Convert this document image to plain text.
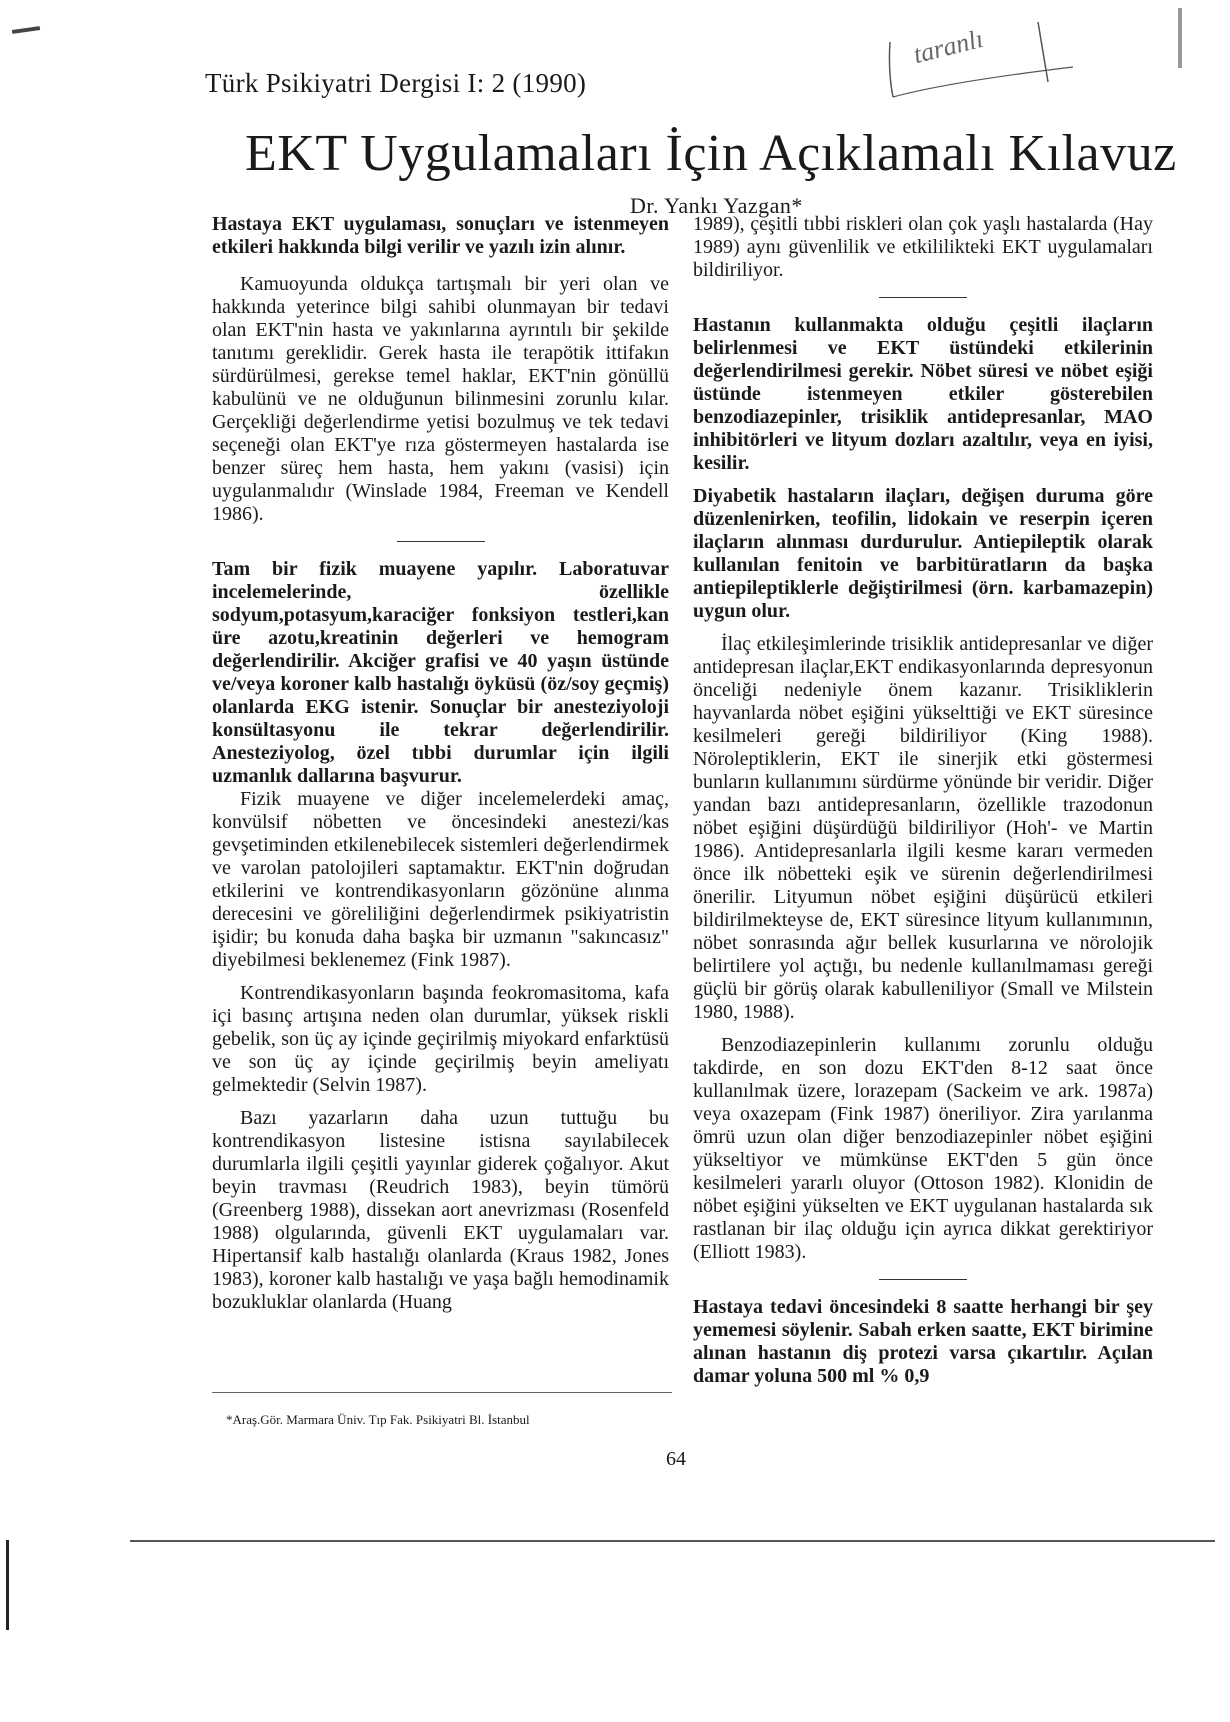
Türk Psikiyatri Dergisi I: 2 (1990)
taranlı
EKT Uygulamaları İçin Açıklamalı Kılavuz
Dr. Yankı Yazgan*

Hastaya EKT uygulaması, sonuçları ve istenmeyen etkileri hakkında bilgi verilir ve yazılı izin alınır.

Kamuoyunda oldukça tartışmalı bir yeri olan ve hakkında yeterince bilgi sahibi olunmayan bir tedavi olan EKT'nin hasta ve yakınlarına ayrıntılı bir şekilde tanıtımı gereklidir. Gerek hasta ile terapötik ittifakın sürdürülmesi, gerekse temel haklar, EKT'nin gönüllü kabulünü ve ne olduğunun bilinmesini zorunlu kılar. Gerçekliği değerlendirme yetisi bozulmuş ve tek tedavi seçeneği olan EKT'ye rıza göstermeyen hastalarda ise benzer süreç hem hasta, hem yakını (vasisi) için uygulanmalıdır (Winslade 1984, Freeman ve Kendell 1986).

Tam bir fizik muayene yapılır. Laboratuvar incelemelerinde, özellikle sodyum,potasyum,karaciğer fonksiyon testleri,kan üre azotu,kreatinin değerleri ve hemogram değerlendirilir. Akciğer grafisi ve 40 yaşın üstünde ve/veya koroner kalb hastalığı öyküsü (öz/soy geçmiş) olanlarda EKG istenir. Sonuçlar bir anesteziyoloji konsültasyonu ile tekrar değerlendirilir. Anesteziyolog, özel tıbbi durumlar için ilgili uzmanlık dallarına başvurur.

Fizik muayene ve diğer incelemelerdeki amaç, konvülsif nöbetten ve öncesindeki anestezi/kas gevşetiminden etkilenebilecek sistemleri değerlendirmek ve varolan patolojileri saptamaktır. EKT'nin doğrudan etkilerini ve kontrendikasyonların gözönüne alınma derecesini ve göreliliğini değerlendirmek psikiyatristin işidir; bu konuda daha başka bir uzmanın "sakıncasız" diyebilmesi beklenemez (Fink 1987).

Kontrendikasyonların başında feokromasitoma, kafa içi basınç artışına neden olan durumlar, yüksek riskli gebelik, son üç ay içinde geçirilmiş miyokard enfarktüsü ve son üç ay içinde geçirilmiş beyin ameliyatı gelmektedir (Selvin 1987).

Bazı yazarların daha uzun tuttuğu bu kontrendikasyon listesine istisna sayılabilecek durumlarla ilgili çeşitli yayınlar giderek çoğalıyor. Akut beyin travması (Reudrich 1983), beyin tümörü (Greenberg 1988), dissekan aort anevrizması (Rosenfeld 1988) olgularında, güvenli EKT uygulamaları var. Hipertansif kalb hastalığı olanlarda (Kraus 1982, Jones 1983), koroner kalb hastalığı ve yaşa bağlı hemodinamik bozukluklar olanlarda (Huang

1989), çeşitli tıbbi riskleri olan çok yaşlı hastalarda (Hay 1989) aynı güvenlilik ve etkililikteki EKT uygulamaları bildiriliyor.

Hastanın kullanmakta olduğu çeşitli ilaçların belirlenmesi ve EKT üstündeki etkilerinin değerlendirilmesi gerekir. Nöbet süresi ve nöbet eşiği üstünde istenmeyen etkiler gösterebilen benzodiazepinler, trisiklik antidepresanlar, MAO inhibitörleri ve lityum dozları azaltılır, veya en iyisi, kesilir.

Diyabetik hastaların ilaçları, değişen duruma göre düzenlenirken, teofilin, lidokain ve reserpin içeren ilaçların alınması durdurulur. Antiepileptik olarak kullanılan fenitoin ve barbitüratların da başka antiepileptiklerle değiştirilmesi (örn. karbamazepin) uygun olur.

İlaç etkileşimlerinde trisiklik antidepresanlar ve diğer antidepresan ilaçlar,EKT endikasyonlarında depresyonun önceliği nedeniyle önem kazanır. Trisikliklerin hayvanlarda nöbet eşiğini yükselttiği ve EKT süresince kesilmeleri gereği bildiriliyor (King 1988). Nöroleptiklerin, EKT ile sinerjik etki göstermesi bunların kullanımını sürdürme yönünde bir veridir. Diğer yandan bazı antidepresanların, özellikle trazodonun nöbet eşiğini düşürdüğü bildiriliyor (Hoh'- ve Martin 1986). Antidepresanlarla ilgili kesme kararı vermeden önce ilk nöbetteki eşik ve sürenin değerlendirilmesi önerilir. Lityumun nöbet eşiğini düşürücü etkileri bildirilmekteyse de, EKT süresince lityum kullanımının, nöbet sonrasında ağır bellek kusurlarına ve nörolojik belirtilere yol açtığı, bu nedenle kullanılmaması gereği güçlü bir görüş olarak kabulleniliyor (Small ve Milstein 1980, 1988).

Benzodiazepinlerin kullanımı zorunlu olduğu takdirde, en son dozu EKT'den 8-12 saat önce kullanılmak üzere, lorazepam (Sackeim ve ark. 1987a) veya oxazepam (Fink 1987) öneriliyor. Zira yarılanma ömrü uzun olan diğer benzodiazepinler nöbet eşiğini yükseltiyor ve mümkünse EKT'den 5 gün önce kesilmeleri yararlı oluyor (Ottoson 1982). Klonidin de nöbet eşiğini yükselten ve EKT uygulanan hastalarda sık rastlanan bir ilaç olduğu için ayrıca dikkat gerektiriyor (Elliott 1983).

Hastaya tedavi öncesindeki 8 saatte herhangi bir şey yememesi söylenir. Sabah erken saatte, EKT birimine alınan hastanın diş protezi varsa çıkartılır. Açılan damar yoluna 500 ml % 0,9

*Araş.Gör. Marmara Üniv. Tıp Fak. Psikiyatri Bl. İstanbul
64
